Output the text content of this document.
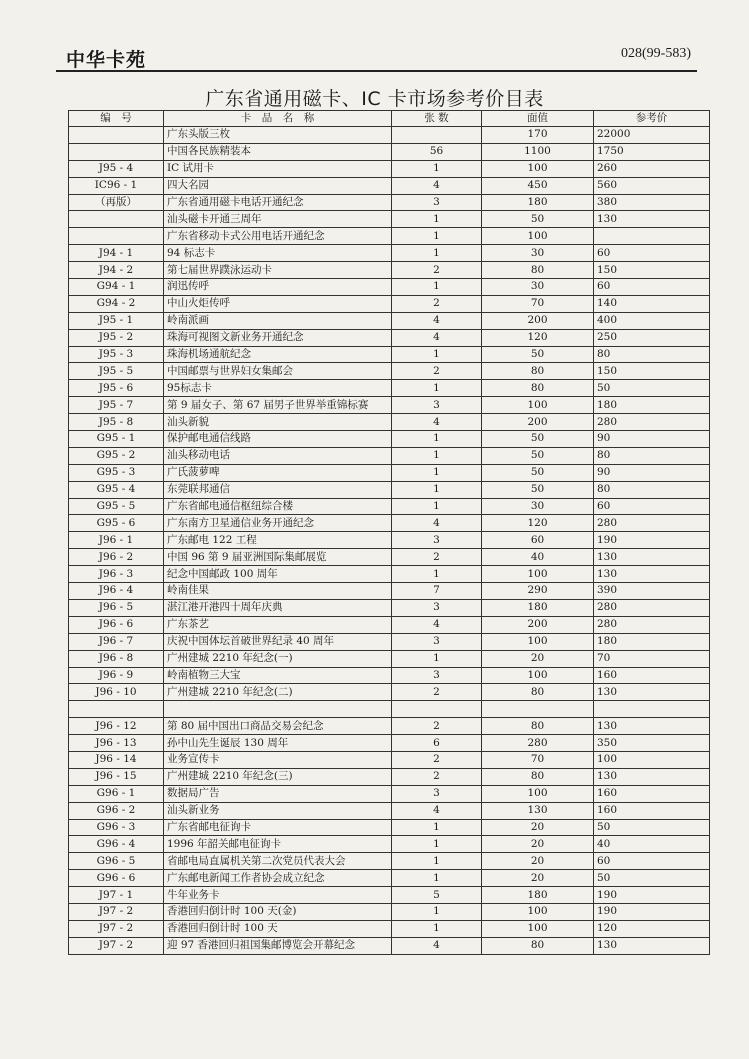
中华卡苑	028(99-583)
广东省通用磁卡、IC 卡市场参考价目表
编　号	卡　品　名　称	张 数	面值	参考价
	广东头版三枚		170	22000
	中国各民族精装本	56	1100	1750
J95 - 4	IC 试用卡	1	100	260
IC96 - 1	四大名园	4	450	560
（再版）	广东省通用磁卡电话开通纪念	3	180	380
	汕头磁卡开通三周年	1	50	130
	广东省移动卡式公用电话开通纪念	1	100	
J94 - 1	94 标志卡	1	30	60
J94 - 2	第七届世界蹼泳运动卡	2	80	150
G94 - 1	润迅传呼	1	30	60
G94 - 2	中山火炬传呼	2	70	140
J95 - 1	岭南派画	4	200	400
J95 - 2	珠海可视图文新业务开通纪念	4	120	250
J95 - 3	珠海机场通航纪念	1	50	80
J95 - 5	中国邮票与世界妇女集邮会	2	80	150
J95 - 6	95标志卡	1	80	50
J95 - 7	第 9 届女子、第 67 届男子世界举重锦标赛	3	100	180
J95 - 8	汕头新貌	4	200	280
G95 - 1	保护邮电通信线路	1	50	90
G95 - 2	汕头移动电话	1	50	80
G95 - 3	广氏菠萝啤	1	50	90
G95 - 4	东莞联邦通信	1	50	80
G95 - 5	广东省邮电通信枢纽综合楼	1	30	60
G95 - 6	广东南方卫星通信业务开通纪念	4	120	280
J96 - 1	广东邮电 122 工程	3	60	190
J96 - 2	中国 96 第 9 届亚洲国际集邮展览	2	40	130
J96 - 3	纪念中国邮政 100 周年	1	100	130
J96 - 4	岭南佳果	7	290	390
J96 - 5	湛江港开港四十周年庆典	3	180	280
J96 - 6	广东茶艺	4	200	280
J96 - 7	庆祝中国体坛首破世界纪录 40 周年	3	100	180
J96 - 8	广州建城 2210 年纪念(一)	1	20	70
J96 - 9	岭南植物三大宝	3	100	160
J96 - 10	广州建城 2210 年纪念(二)	2	80	130

J96 - 12	第 80 届中国出口商品交易会纪念	2	80	130
J96 - 13	孙中山先生诞辰 130 周年	6	280	350
J96 - 14	业务宣传卡	2	70	100
J96 - 15	广州建城 2210 年纪念(三)	2	80	130
G96 - 1	数据局广告	3	100	160
G96 - 2	汕头新业务	4	130	160
G96 - 3	广东省邮电征询卡	1	20	50
G96 - 4	1996 年韶关邮电征询卡	1	20	40
G96 - 5	省邮电局直属机关第二次党员代表大会	1	20	60
G96 - 6	广东邮电新闻工作者协会成立纪念	1	20	50
J97 - 1	牛年业务卡	5	180	190
J97 - 2	香港回归倒计时 100 天(金)	1	100	190
J97 - 2	香港回归倒计时 100 天	1	100	120
J97 - 2	迎 97 香港回归祖国集邮博览会开幕纪念	4	80	130
